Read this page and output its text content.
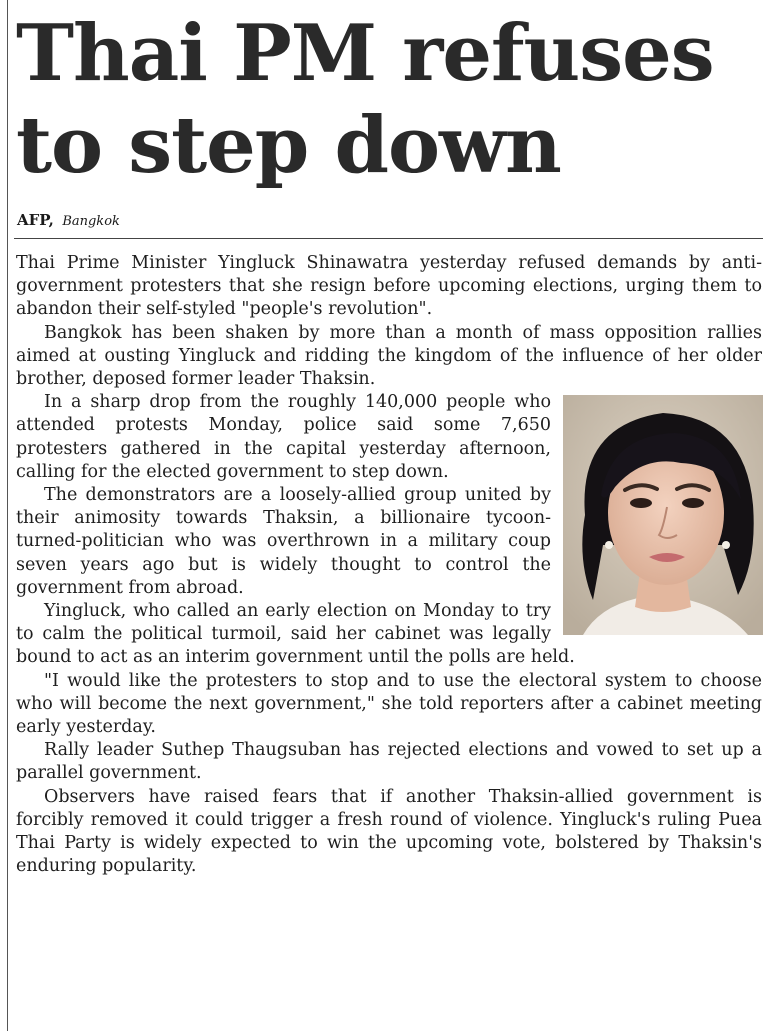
Thai PM refuses to step down
AFP, Bangkok

Thai Prime Minister Yingluck Shinawatra yesterday refused demands by anti-government protesters that she resign before upcoming elections, urging them to abandon their self-styled "people's revolution".

Bangkok has been shaken by more than a month of mass opposition rallies aimed at ousting Yingluck and ridding the kingdom of the influence of her older brother, deposed former leader Thaksin.

In a sharp drop from the roughly 140,000 people who attended protests Monday, police said some 7,650 protesters gathered in the capital yesterday afternoon, calling for the elected government to step down.

The demonstrators are a loosely-allied group united by their animosity towards Thaksin, a billionaire tycoon-turned-politician who was overthrown in a military coup seven years ago but is widely thought to control the government from abroad.

Yingluck, who called an early election on Monday to try to calm the political turmoil, said her cabinet was legally bound to act as an interim government until the polls are held.

"I would like the protesters to stop and to use the electoral system to choose who will become the next government," she told reporters after a cabinet meeting early yesterday.

Rally leader Suthep Thaugsuban has rejected elections and vowed to set up a parallel government.

Observers have raised fears that if another Thaksin-allied government is forcibly removed it could trigger a fresh round of violence. Yingluck's ruling Puea Thai Party is widely expected to win the upcoming vote, bolstered by Thaksin's enduring popularity.
